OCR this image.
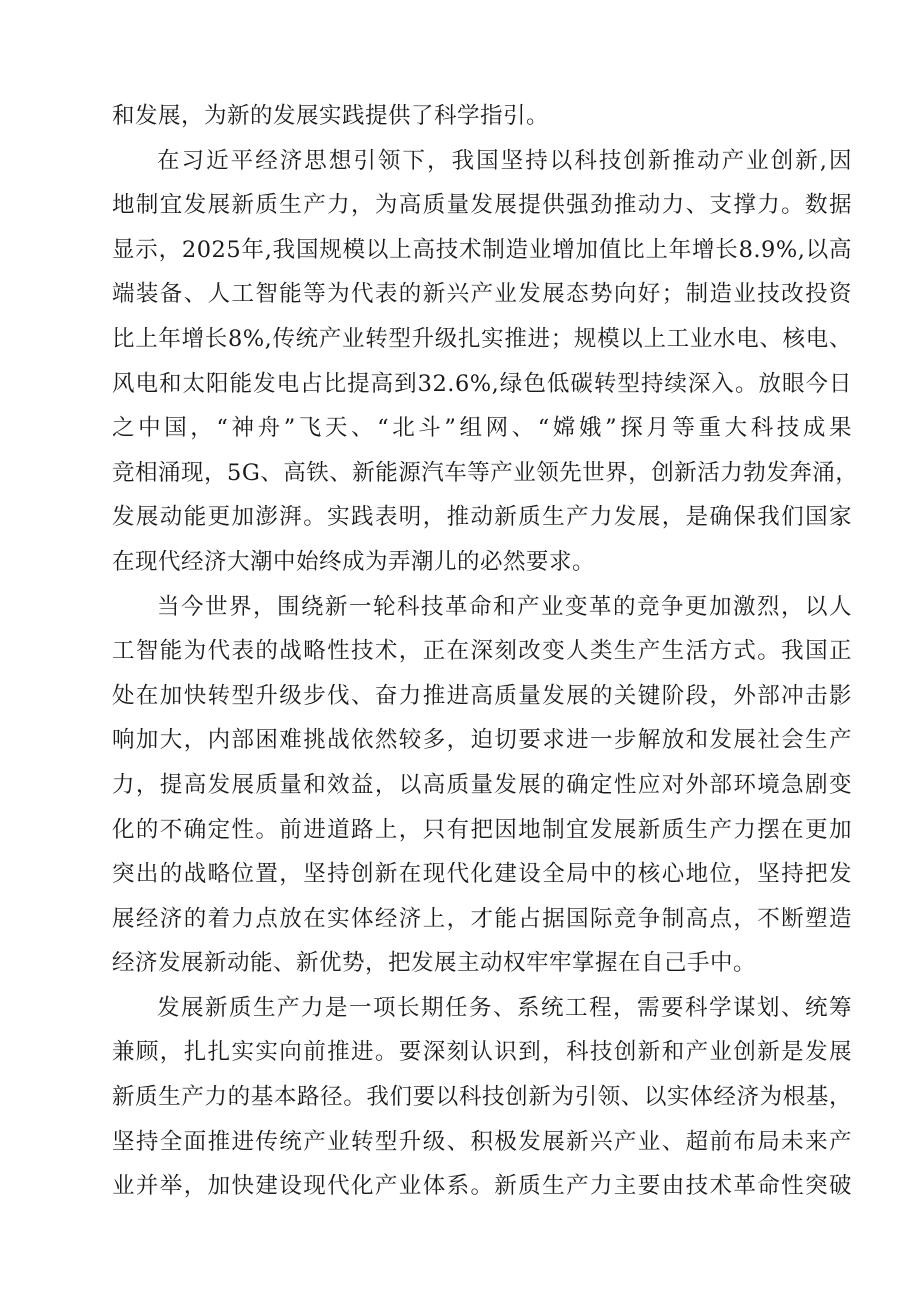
和发展，为新的发展实践提供了科学指引。
在习近平经济思想引领下，我国坚持以科技创新推动产业创新,因
地制宜发展新质生产力，为高质量发展提供强劲推动力、支撑力。数据
显示，2025年,我国规模以上高技术制造业增加值比上年增长8.9%,以高
端装备、人工智能等为代表的新兴产业发展态势向好；制造业技改投资
比上年增长8%,传统产业转型升级扎实推进；规模以上工业水电、核电、
风电和太阳能发电占比提高到32.6%,绿色低碳转型持续深入。放眼今日
之中国，“神舟”飞天、“北斗”组网、“嫦娥”探月等重大科技成果
竞相涌现，5G、高铁、新能源汽车等产业领先世界，创新活力勃发奔涌，
发展动能更加澎湃。实践表明，推动新质生产力发展，是确保我们国家
在现代经济大潮中始终成为弄潮儿的必然要求。
当今世界，围绕新一轮科技革命和产业变革的竞争更加激烈，以人
工智能为代表的战略性技术，正在深刻改变人类生产生活方式。我国正
处在加快转型升级步伐、奋力推进高质量发展的关键阶段，外部冲击影
响加大，内部困难挑战依然较多，迫切要求进一步解放和发展社会生产
力，提高发展质量和效益，以高质量发展的确定性应对外部环境急剧变
化的不确定性。前进道路上，只有把因地制宜发展新质生产力摆在更加
突出的战略位置，坚持创新在现代化建设全局中的核心地位，坚持把发
展经济的着力点放在实体经济上，才能占据国际竞争制高点，不断塑造
经济发展新动能、新优势，把发展主动权牢牢掌握在自己手中。
发展新质生产力是一项长期任务、系统工程，需要科学谋划、统筹
兼顾，扎扎实实向前推进。要深刻认识到，科技创新和产业创新是发展
新质生产力的基本路径。我们要以科技创新为引领、以实体经济为根基，
坚持全面推进传统产业转型升级、积极发展新兴产业、超前布局未来产
业并举，加快建设现代化产业体系。新质生产力主要由技术革命性突破
